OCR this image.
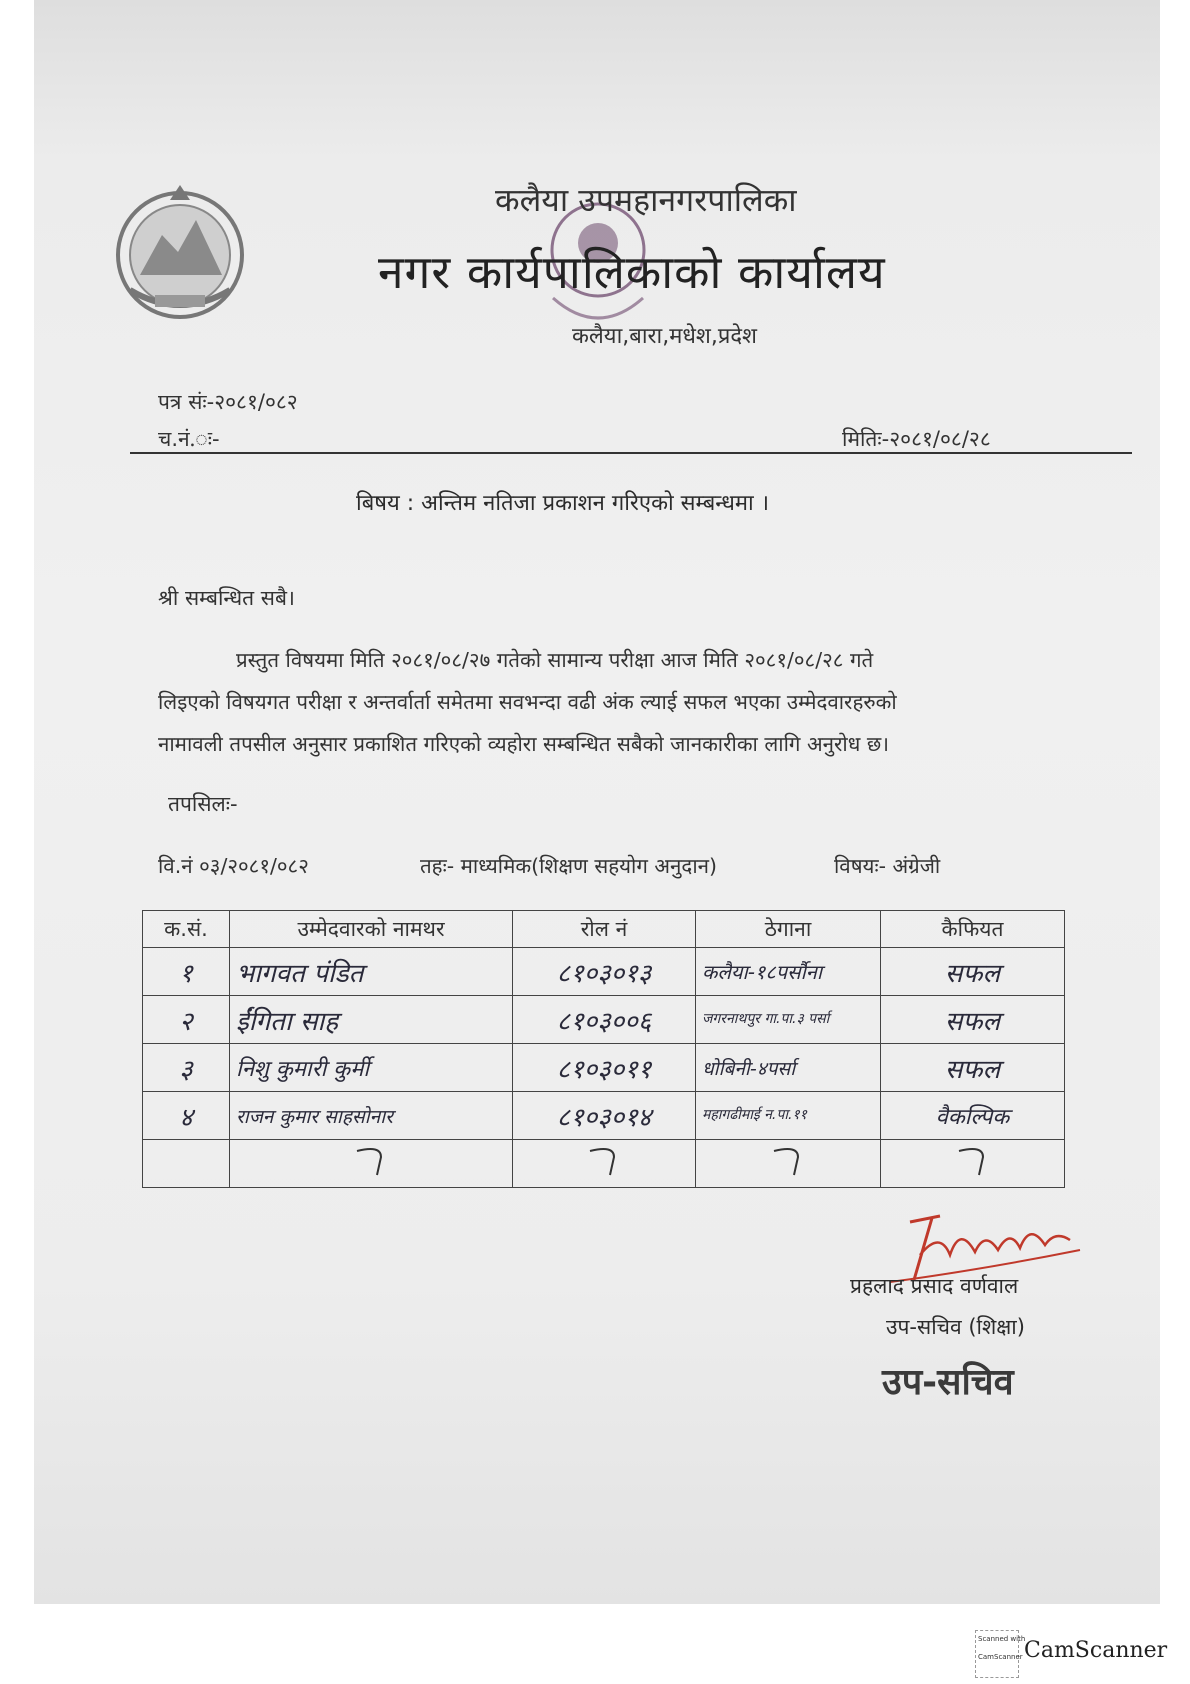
कलैया उपमहानगरपालिका
नगर कार्यपालिकाको कार्यालय
कलैया,बारा,मधेश,प्रदेश
पत्र संः-२०८१/०८२
च.नं.ः-	मितिः-२०८१/०८/२८
बिषय : अन्तिम नतिजा प्रकाशन गरिएको सम्बन्धमा ।
श्री सम्बन्धित सबै।
प्रस्तुत विषयमा मिति २०८१/०८/२७ गतेको सामान्य परीक्षा आज मिति २०८१/०८/२८ गते
लिइएको विषयगत परीक्षा र अन्तर्वार्ता समेतमा सवभन्दा वढी अंक ल्याई सफल भएका उम्मेदवारहरुको
नामावली तपसील अनुसार प्रकाशित गरिएको व्यहोरा सम्बन्धित सबैको जानकारीका लागि अनुरोध छ।
तपसिलः-
वि.नं ०३/२०८१/०८२	तहः- माध्यमिक(शिक्षण सहयोग अनुदान)	विषयः- अंग्रेजी
क.सं.	उम्मेदवारको नामथर	रोल नं	ठेगाना	कैफियत
१	भागवत पंडित	८१०३०१३	कलैया-१८पर्सौना	सफल
२	ईंगिता साह	८१०३००६	जगरनाथपुर गा.पा.३ पर्सा	सफल
३	निशु कुमारी कुर्मी	८१०३०११	धोबिनी-४पर्सा	सफल
४	राजन कुमार साहसोनार	८१०३०१४	महागढीमाई न.पा.११	वैकल्पिक

प्रहलाद प्रसाद वर्णवाल
उप-सचिव (शिक्षा)
उप-सचिव
Scanned with
CamScanner CamScanner
